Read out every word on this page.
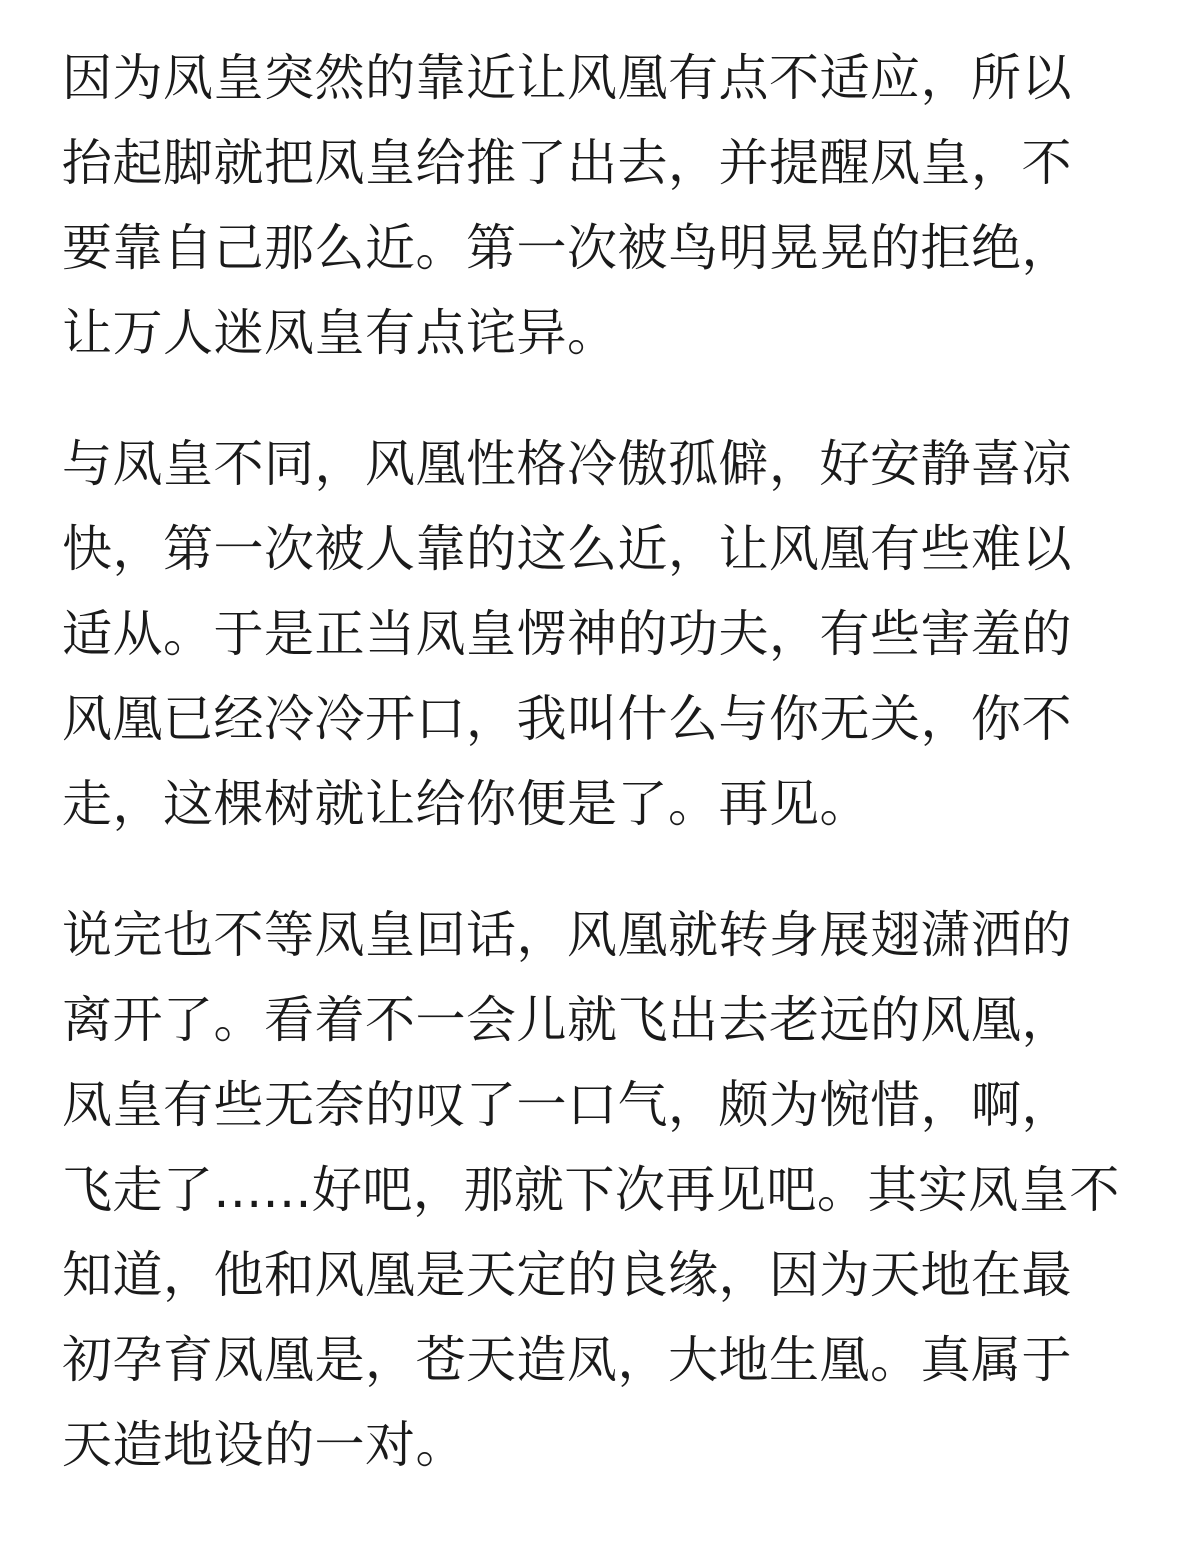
因为凤皇突然的靠近让风凰有点不适应，所以
抬起脚就把凤皇给推了出去，并提醒凤皇，不
要靠自己那么近。第一次被鸟明晃晃的拒绝，
让万人迷凤皇有点诧异。

与凤皇不同，风凰性格冷傲孤僻，好安静喜凉
快，第一次被人靠的这么近，让风凰有些难以
适从。于是正当凤皇愣神的功夫，有些害羞的
风凰已经冷冷开口，我叫什么与你无关，你不
走，这棵树就让给你便是了。再见。

说完也不等凤皇回话，风凰就转身展翅潇洒的
离开了。看着不一会儿就飞出去老远的风凰，
凤皇有些无奈的叹了一口气，颇为惋惜，啊，
飞走了......好吧，那就下次再见吧。其实凤皇不
知道，他和风凰是天定的良缘，因为天地在最
初孕育凤凰是，苍天造凤，大地生凰。真属于
天造地设的一对。
